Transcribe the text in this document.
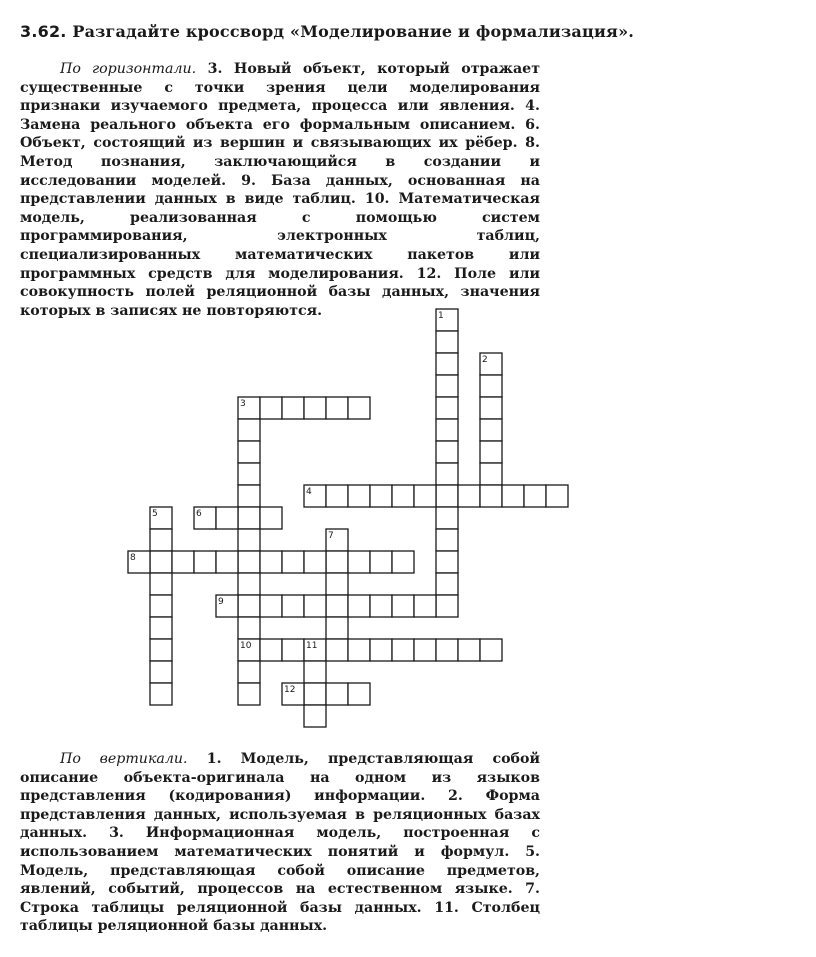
3.62. Разгадайте кроссворд «Моделирование и формализация».
По горизонтали. 3. Новый объект, который отражает существенные с точки зрения цели моделирования признаки изучаемого предмета, процесса или явления. 4. Замена реального объекта его формальным описанием. 6. Объект, состоящий из вершин и связывающих их рёбер. 8. Метод познания, заключающийся в создании и исследовании моделей. 9. База данных, основанная на представлении данных в виде таблиц. 10. Математическая модель, реализованная с помощью систем программирования, электронных таблиц, специализированных математических пакетов или программных средств для моделирования. 12. Поле или совокупность полей реляционной базы данных, значения которых в записях не повторяются.	1
2
3
4
5	6
7
8
9
10	11
12
По вертикали. 1. Модель, представляющая собой описание объекта-оригинала на одном из языков представления (кодирования) информации. 2. Форма представления данных, используемая в реляционных базах данных. 3. Информационная модель, построенная с использованием математических понятий и формул. 5. Модель, представляющая собой описание предметов, явлений, событий, процессов на естественном языке. 7. Строка таблицы реляционной базы данных. 11. Столбец таблицы реляционной базы данных.
